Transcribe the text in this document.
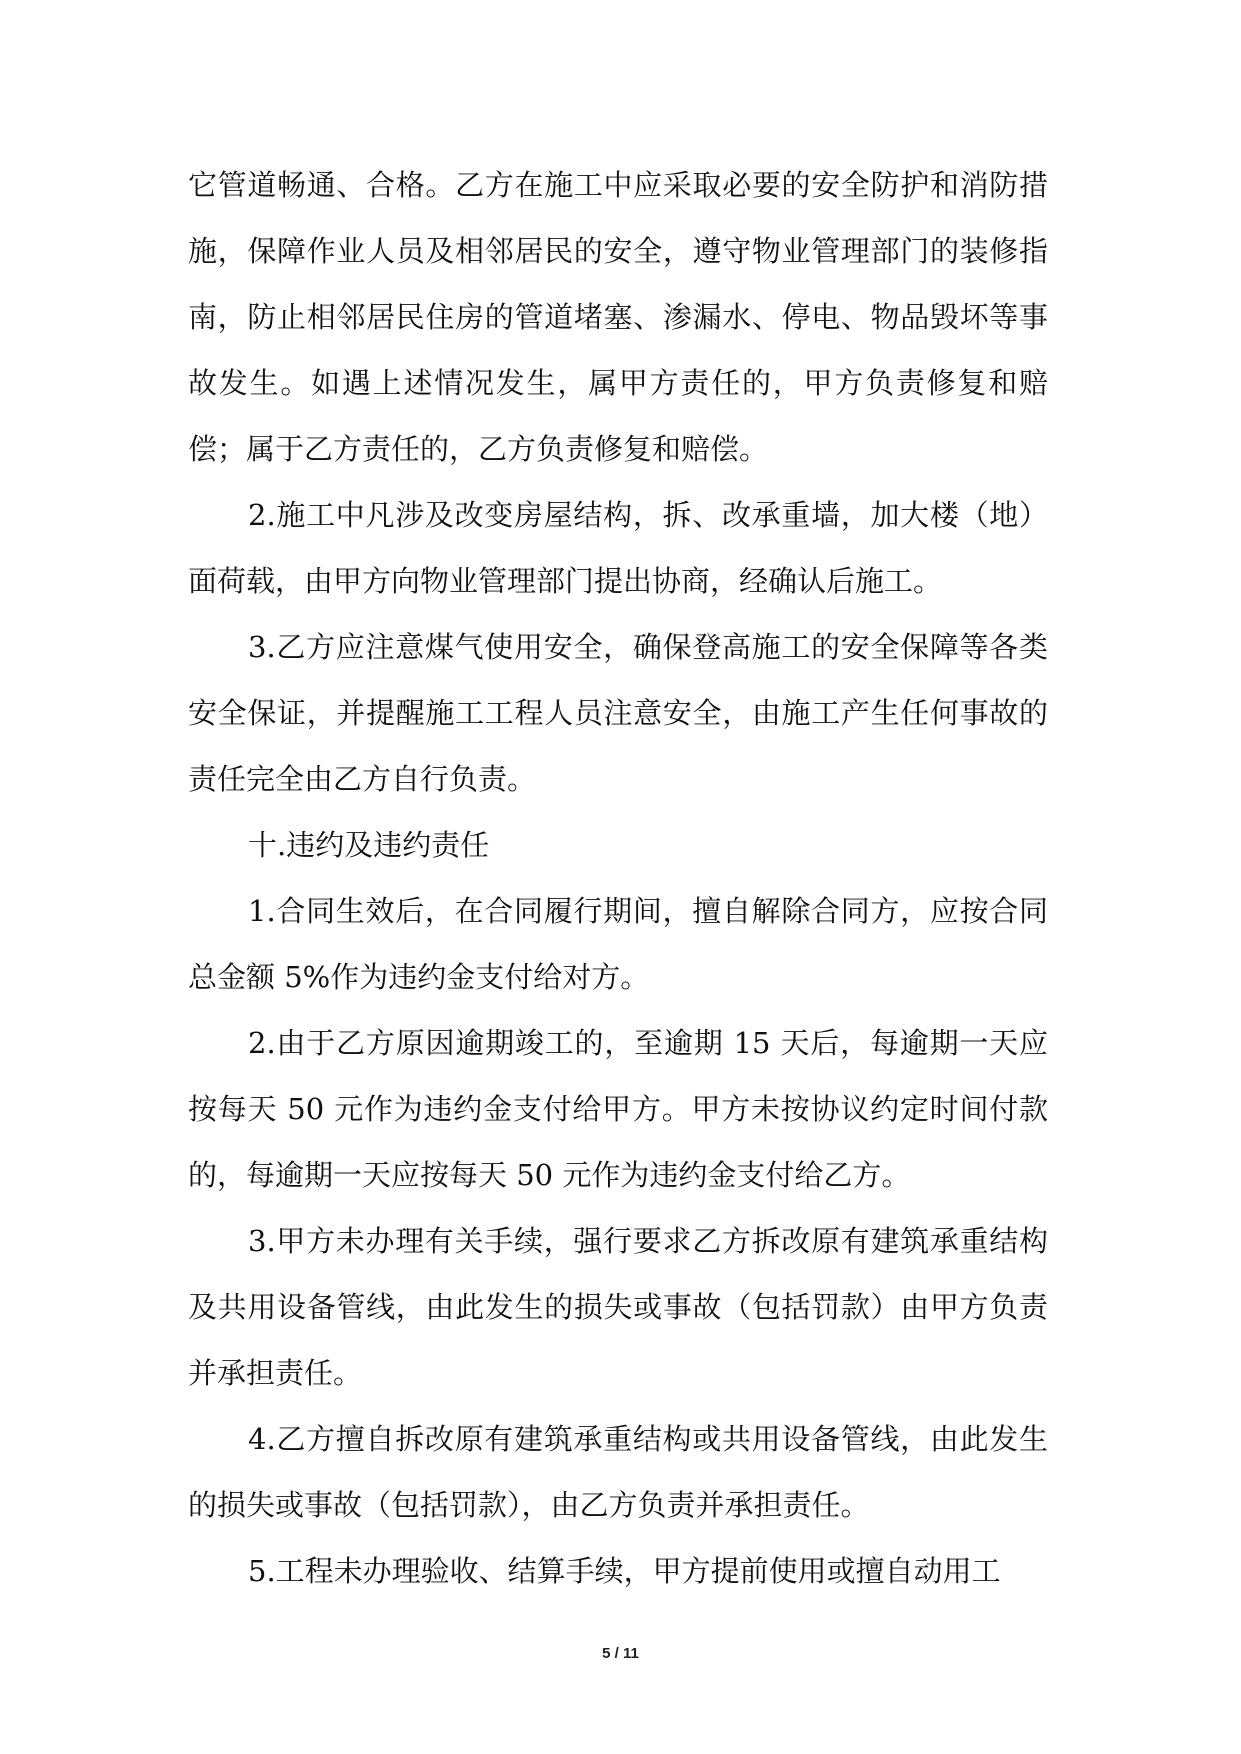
它管道畅通、合格。乙方在施工中应采取必要的安全防护和消防措施，保障作业人员及相邻居民的安全，遵守物业管理部门的装修指南，防止相邻居民住房的管道堵塞、渗漏水、停电、物品毁坏等事故发生。如遇上述情况发生，属甲方责任的，甲方负责修复和赔偿；属于乙方责任的，乙方负责修复和赔偿。

2.施工中凡涉及改变房屋结构，拆、改承重墙，加大楼（地）面荷载，由甲方向物业管理部门提出协商，经确认后施工。

3.乙方应注意煤气使用安全，确保登高施工的安全保障等各类安全保证，并提醒施工工程人员注意安全，由施工产生任何事故的责任完全由乙方自行负责。

十.违约及违约责任

1.合同生效后，在合同履行期间，擅自解除合同方，应按合同总金额 5%作为违约金支付给对方。

2.由于乙方原因逾期竣工的，至逾期 15 天后，每逾期一天应按每天 50 元作为违约金支付给甲方。甲方未按协议约定时间付款的，每逾期一天应按每天 50 元作为违约金支付给乙方。

3.甲方未办理有关手续，强行要求乙方拆改原有建筑承重结构及共用设备管线，由此发生的损失或事故（包括罚款）由甲方负责并承担责任。

4.乙方擅自拆改原有建筑承重结构或共用设备管线，由此发生的损失或事故（包括罚款），由乙方负责并承担责任。

5.工程未办理验收、结算手续，甲方提前使用或擅自动用工

5 / 11
